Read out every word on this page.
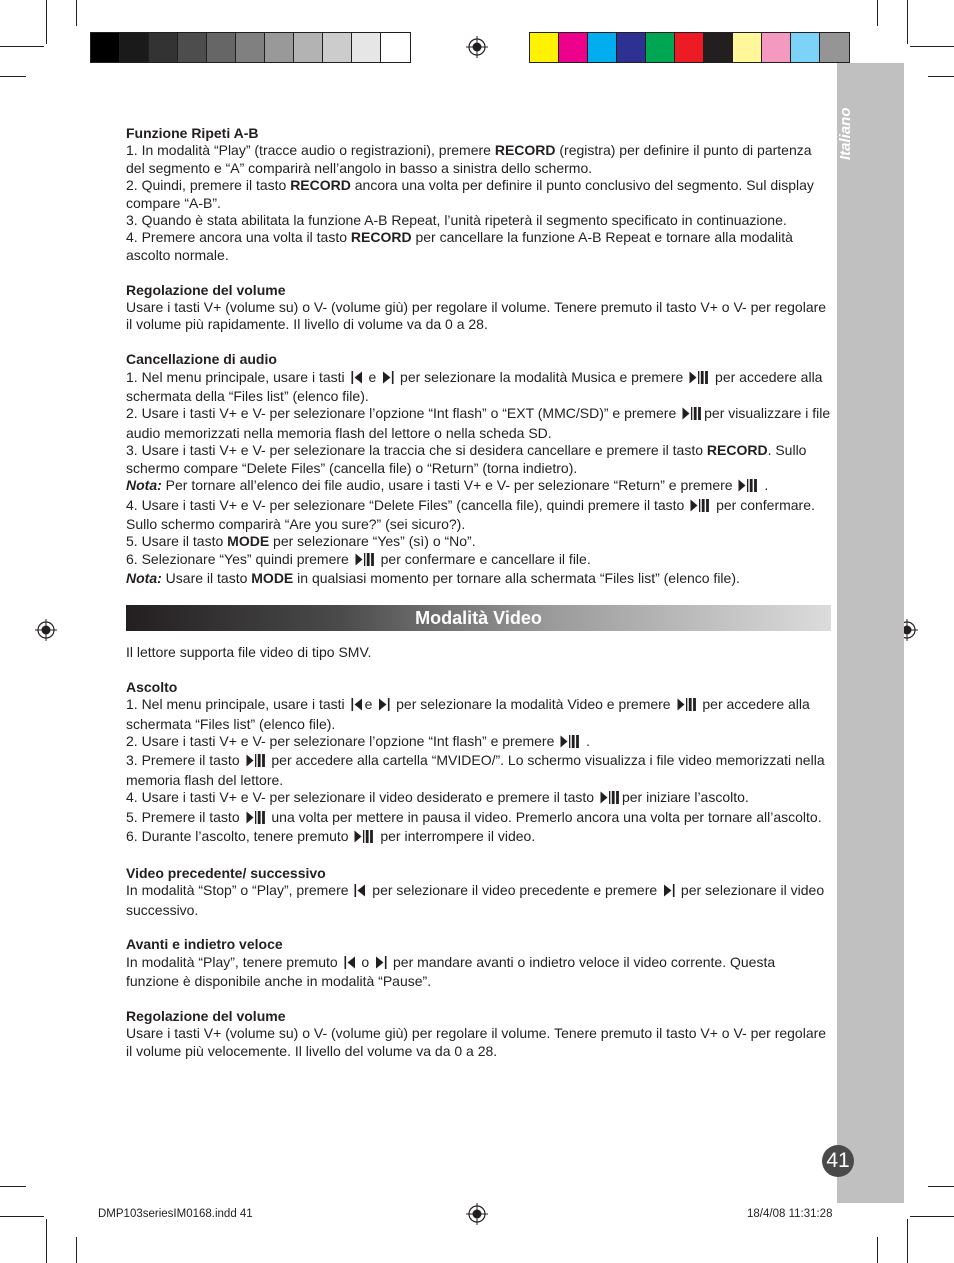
Italiano
41

Funzione Ripeti A-B

1. In modalità “Play” (tracce audio o registrazioni), premere RECORD (registra) per definire il punto di partenza del segmento e “A” comparirà nell’angolo in basso a sinistra dello schermo.

2. Quindi, premere il tasto RECORD ancora una volta per definire il punto conclusivo del segmento. Sul display compare “A-B”.

3. Quando è stata abilitata la funzione A-B Repeat, l’unità ripeterà il segmento specificato in continuazione.

4. Premere ancora una volta il tasto RECORD per cancellare la funzione A-B Repeat e tornare alla modalità ascolto normale.

Regolazione del volume

Usare i tasti V+ (volume su) o V- (volume giù) per regolare il volume. Tenere premuto il tasto V+ o V- per regolare il volume più rapidamente. Il livello di volume va da 0 a 28.

Cancellazione di audio

1. Nel menu principale, usare i tasti  e  per selezionare la modalità Musica e premere  per accedere alla schermata della “Files list” (elenco file).

2. Usare i tasti V+ e V- per selezionare l’opzione “Int flash” o “EXT (MMC/SD)” e premere per visualizzare i file audio memorizzati nella memoria flash del lettore o nella scheda SD.

3. Usare i tasti V+ e V- per selezionare la traccia che si desidera cancellare e premere il tasto RECORD. Sullo schermo compare “Delete Files” (cancella file) o “Return” (torna indietro).

Nota: Per tornare all’elenco dei file audio, usare i tasti V+ e V- per selezionare “Return” e premere  .

4. Usare i tasti V+ e V- per selezionare “Delete Files” (cancella file), quindi premere il tasto  per confermare. Sullo schermo comparirà “Are you sure?” (sei sicuro?).

5. Usare il tasto MODE per selezionare “Yes” (sì) o “No”.

6. Selezionare “Yes” quindi premere  per confermare e cancellare il file.

Nota: Usare il tasto MODE in qualsiasi momento per tornare alla schermata “Files list” (elenco file).

Modalità Video

Il lettore supporta file video di tipo SMV.

Ascolto

1. Nel menu principale, usare i tasti e  per selezionare la modalità Video e premere  per accedere alla schermata “Files list” (elenco file).

2. Usare i tasti V+ e V- per selezionare l’opzione “Int flash” e premere  .

3. Premere il tasto  per accedere alla cartella “MVIDEO/”. Lo schermo visualizza i file video memorizzati nella memoria flash del lettore.

4. Usare i tasti V+ e V- per selezionare il video desiderato e premere il tasto per iniziare l’ascolto.

5. Premere il tasto  una volta per mettere in pausa il video. Premerlo ancora una volta per tornare all’ascolto.

6. Durante l’ascolto, tenere premuto  per interrompere il video.

Video precedente/ successivo

In modalità “Stop” o “Play”, premere  per selezionare il video precedente e premere  per selezionare il video successivo.

Avanti e indietro veloce

In modalità “Play”, tenere premuto  o  per mandare avanti o indietro veloce il video corrente. Questa funzione è disponibile anche in modalità “Pause”.

Regolazione del volume

Usare i tasti V+ (volume su) o V- (volume giù) per regolare il volume. Tenere premuto il tasto V+ o V- per regolare il volume più velocemente. Il livello del volume va da 0 a 28.

DMP103seriesIM0168.indd 41	18/4/08 11:31:28
